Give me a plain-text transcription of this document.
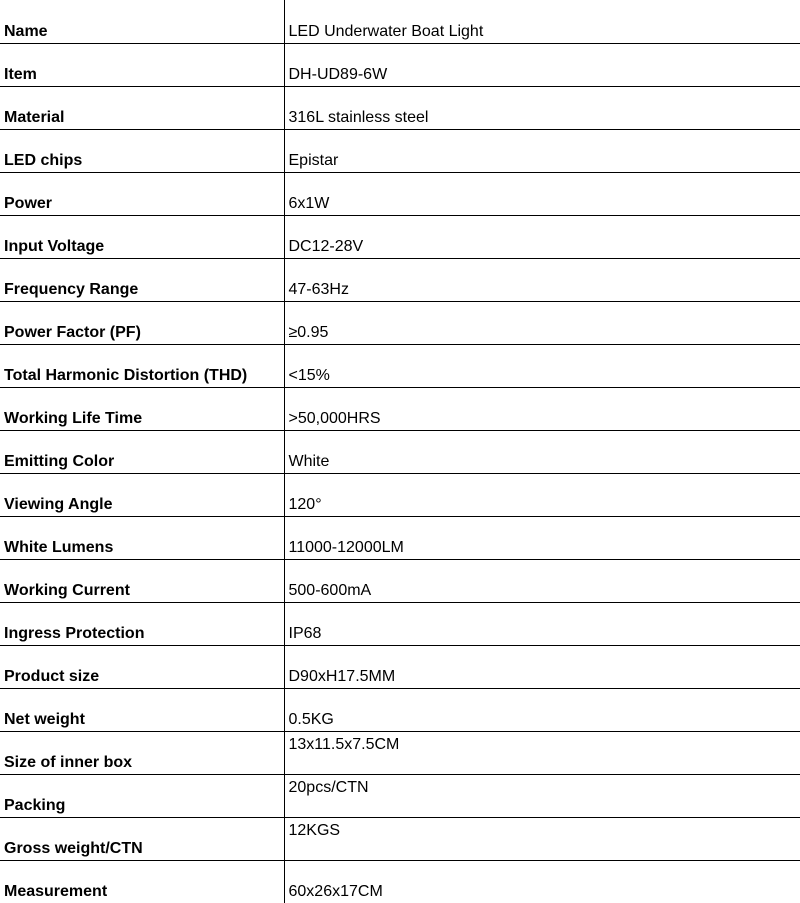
Name	LED Underwater Boat Light
Item	DH-UD89-6W
Material	316L stainless steel
LED chips	Epistar
Power	6x1W
Input Voltage	DC12-28V
Frequency Range	47-63Hz
Power Factor (PF)	≥0.95
Total Harmonic Distortion (THD)	<15%
Working Life Time	>50,000HRS
Emitting Color	White
Viewing Angle	120°
White Lumens	11000-12000LM
Working Current	500-600mA
Ingress Protection	IP68
Product size	D90xH17.5MM
Net weight	0.5KG
Size of inner box	13x11.5x7.5CM
Packing	20pcs/CTN
Gross weight/CTN	12KGS
Measurement	60x26x17CM
